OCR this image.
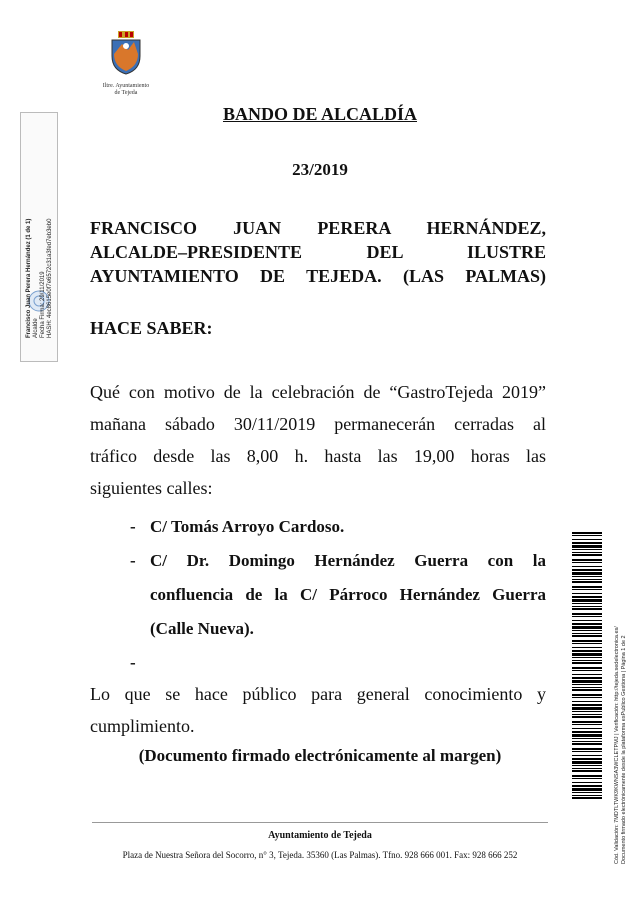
Iltre. Ayuntamiento
de Tejeda
Francisco Juan Perera Hernández (1 de 1) Alcalde Fecha Firma: 29/11/2019 HASH: 4ec8615e0f7e6572c31a3fed7eb3eb0
BANDO DE ALCALDÍA
23/2019
FRANCISCO JUAN PERERA HERNÁNDEZ,
ALCALDE–PRESIDENTE DEL ILUSTRE
AYUNTAMIENTO DE TEJEDA. (LAS PALMAS)
HACE SABER:
Qué con motivo de la celebración de “GastroTejeda 2019”
mañana sábado 30/11/2019 permanecerán cerradas al
tráfico desde las 8,00 h. hasta las 19,00 horas las
siguientes calles:
- C/ Tomás Arroyo Cardoso.
- C/ Dr. Domingo Hernández Guerra con la
confluencia de la C/ Párroco Hernández Guerra
(Calle Nueva).
-

Lo que se hace público para general conocimiento y
cumplimiento.
(Documento firmado electrónicamente al margen)	Cód. Validación: 7MDTLTWK9KWNSA3WCLETPMJ | Verificación: http://tejeda.sedelectronica.es/ Documento firmado electrónicamente desde la plataforma esPublico Gestiona | Página 1 de 2
Ayuntamiento de Tejeda
Plaza de Nuestra Señora del Socorro, n° 3, Tejeda. 35360 (Las Palmas). Tfno. 928 666 001. Fax: 928 666 252
